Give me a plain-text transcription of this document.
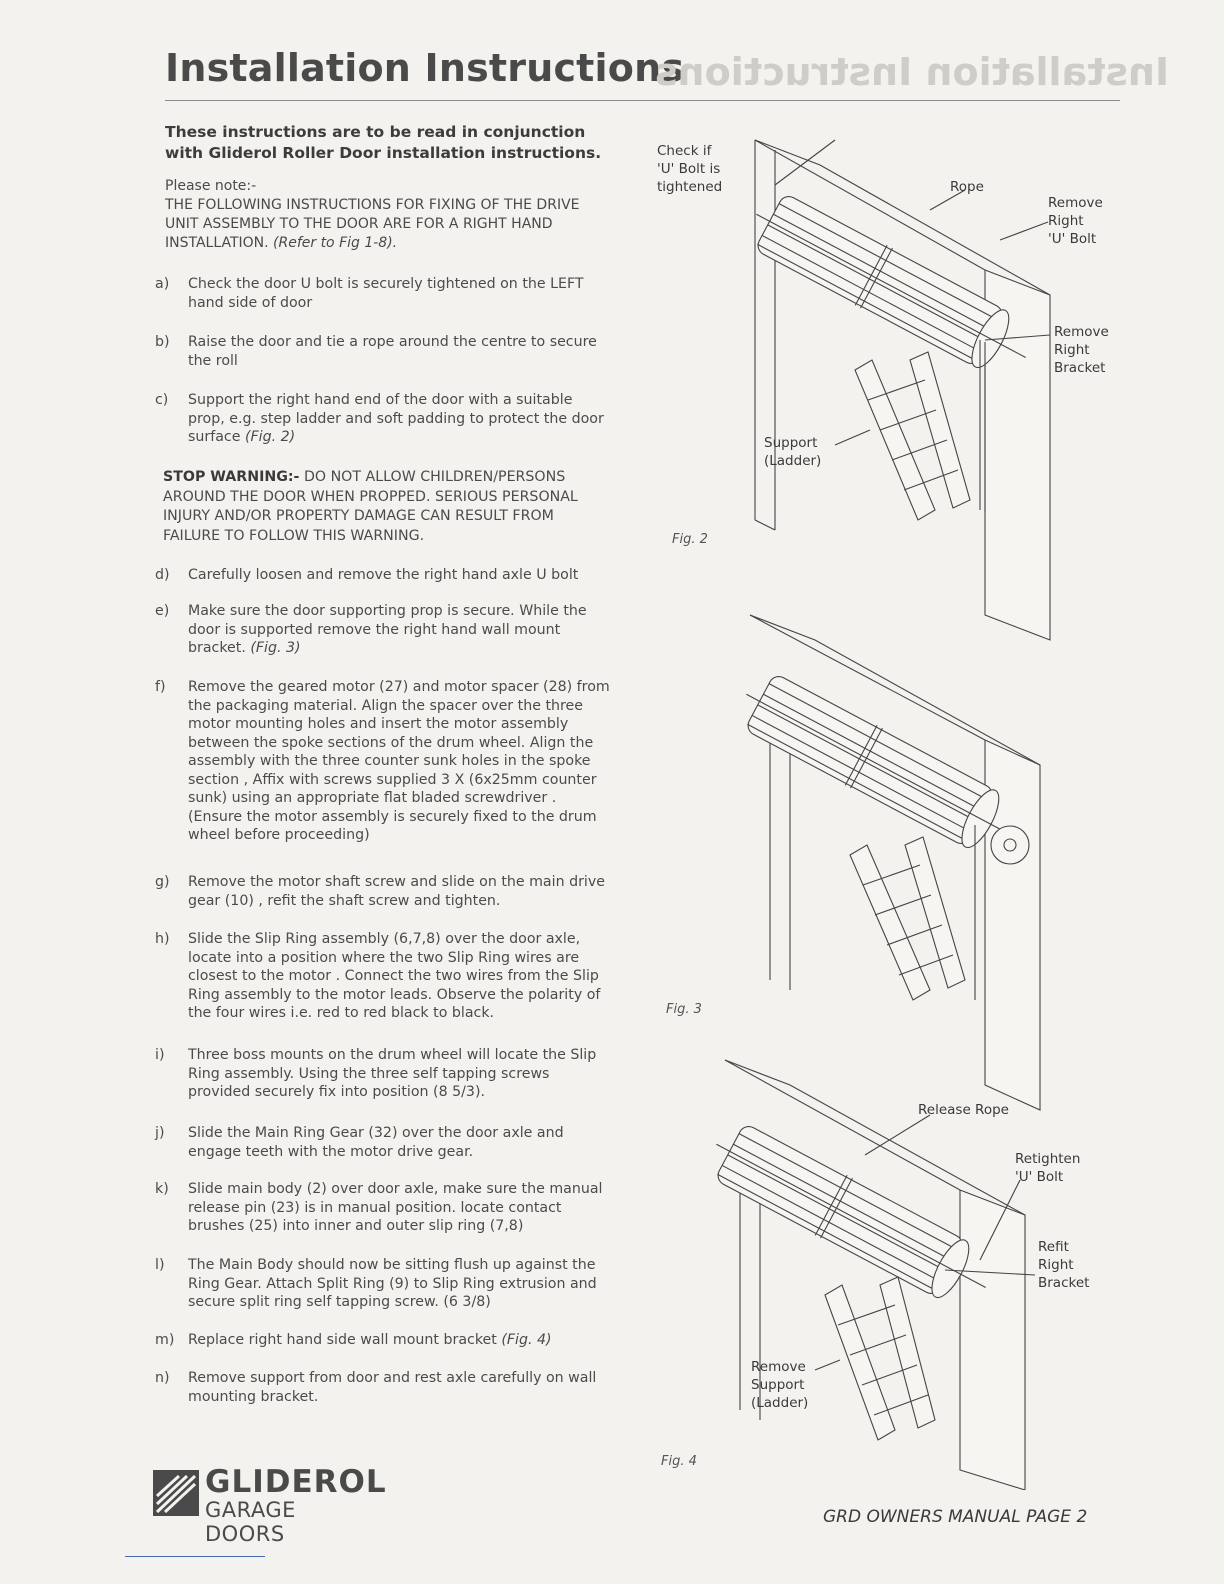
Installation Instructions
Installation Instructions
These instructions are to be read in conjunction with Gliderol Roller Door installation instructions.
Please note:-
THE FOLLOWING INSTRUCTIONS FOR FIXING OF THE DRIVE UNIT ASSEMBLY TO THE DOOR ARE FOR A RIGHT HAND INSTALLATION. (Refer to Fig 1-8).
a)	Check the door U bolt is securely tightened on the LEFT hand side of door
b)	Raise the door and tie a rope around the centre to secure the roll
c)	Support the right hand end of the door with a suitable prop, e.g. step ladder and soft padding to protect the door surface (Fig. 2)
STOP WARNING:- DO NOT ALLOW CHILDREN/PERSONS AROUND THE DOOR WHEN PROPPED. SERIOUS PERSONAL INJURY AND/OR PROPERTY DAMAGE CAN RESULT FROM FAILURE TO FOLLOW THIS WARNING.
d)	Carefully loosen and remove the right hand axle U bolt
e)	Make sure the door supporting prop is secure. While the door is supported remove the right hand wall mount bracket. (Fig. 3)
f)	Remove the geared motor (27) and motor spacer (28) from the packaging material. Align the spacer over the three motor mounting holes and insert the motor assembly between the spoke sections of the drum wheel. Align the assembly with the three counter sunk holes in the spoke section , Affix with screws supplied 3 X (6x25mm counter sunk) using an appropriate flat bladed screwdriver .(Ensure the motor assembly is securely fixed to the drum wheel before proceeding)
g)	Remove the motor shaft screw and slide on the main drive gear (10) , refit the shaft screw and tighten.
h)	Slide the Slip Ring assembly (6,7,8) over the door axle, locate into a position where the two Slip Ring wires are closest to the motor . Connect the two wires from the Slip Ring assembly to the motor leads. Observe the polarity of the four wires i.e. red to red black to black.
i)	Three boss mounts on the drum wheel will locate the Slip Ring assembly. Using the three self tapping screws provided securely fix into position (8 5/3).
j)	Slide the Main Ring Gear (32) over the door axle and engage teeth with the motor drive gear.
k)	Slide main body (2) over door axle, make sure the manual release pin (23) is in manual position. locate contact brushes (25) into inner and outer slip ring (7,8)
l)	The Main Body should now be sitting flush up against the Ring Gear. Attach Split Ring (9) to Slip Ring extrusion and secure split ring self tapping screw. (6 3/8)
m) Replace right hand side wall mount bracket (Fig. 4)
n)	Remove support from door and rest axle carefully on wall mounting bracket.
Check if
'U' Bolt is
tightened	Rope
Remove
Right
'U' Bolt
Remove
Right
Bracket
Support
(Ladder)
Fig. 2
Fig. 3
Release Rope
Retighten
'U' Bolt
Refit
Right
Bracket
Remove
Support
(Ladder)
Fig. 4
GLIDEROL
GARAGE DOORS
GRD OWNERS MANUAL PAGE 2
